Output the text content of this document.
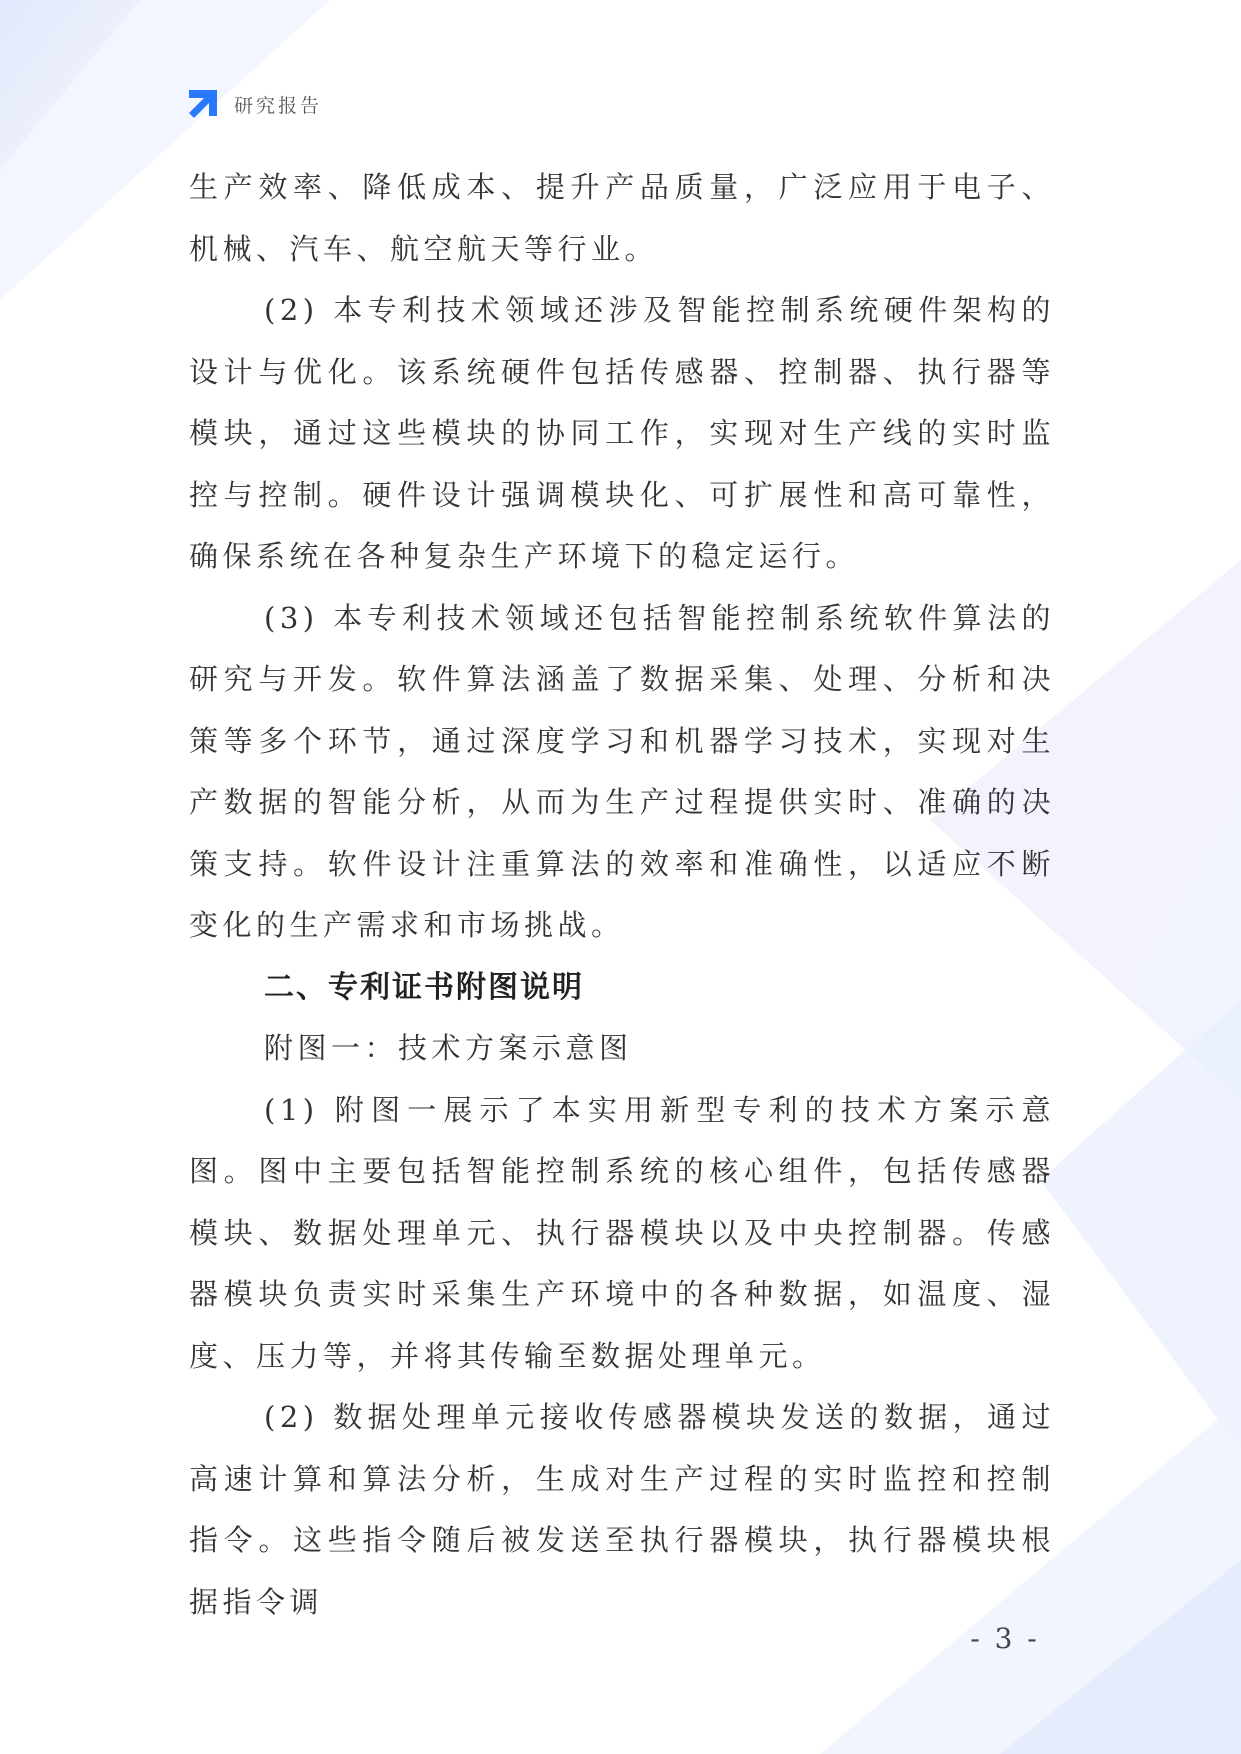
研究报告

生产效率、降低成本、提升产品质量，广泛应用于电子、机械、汽车、航空航天等行业。

(2) 本专利技术领域还涉及智能控制系统硬件架构的设计与优化。该系统硬件包括传感器、控制器、执行器等模块，通过这些模块的协同工作，实现对生产线的实时监控与控制。硬件设计强调模块化、可扩展性和高可靠性，确保系统在各种复杂生产环境下的稳定运行。

(3) 本专利技术领域还包括智能控制系统软件算法的研究与开发。软件算法涵盖了数据采集、处理、分析和决策等多个环节，通过深度学习和机器学习技术，实现对生产数据的智能分析，从而为生产过程提供实时、准确的决策支持。软件设计注重算法的效率和准确性，以适应不断变化的生产需求和市场挑战。

二、专利证书附图说明

附图一：技术方案示意图

(1) 附图一展示了本实用新型专利的技术方案示意图。图中主要包括智能控制系统的核心组件，包括传感器模块、数据处理单元、执行器模块以及中央控制器。传感器模块负责实时采集生产环境中的各种数据，如温度、湿度、压力等，并将其传输至数据处理单元。

(2) 数据处理单元接收传感器模块发送的数据，通过高速计算和算法分析，生成对生产过程的实时监控和控制指令。这些指令随后被发送至执行器模块，执行器模块根据指令调

- 3 -
